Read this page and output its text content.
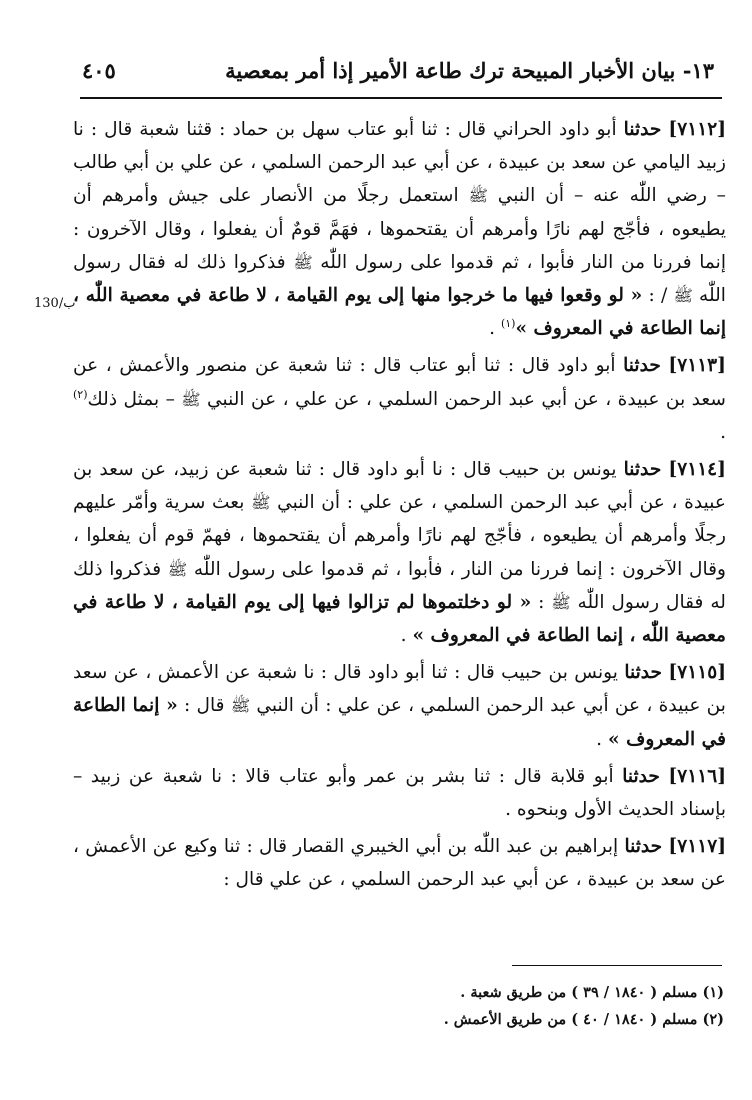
١٣- بيان الأخبار المبيحة ترك طاعة الأمير إذا أمر بمعصية
٤٠٥
130/ب

[٧١١٢] حدثنا أبو داود الحراني قال : ثنا أبو عتاب سهل بن حماد : قثنا شعبة قال : نا زبيد اليامي عن سعد بن عبيدة ، عن أبي عبد الرحمن السلمي ، عن علي بن أبي طالب – رضي اللّٰه عنه – أن النبي ﷺ استعمل رجلًا من الأنصار على جيش وأمرهم أن يطيعوه ، فأجّج لهم نارًا وأمرهم أن يقتحموها ، فهَمَّ قومٌ أن يفعلوا ، وقال الآخرون : إنما فررنا من النار فأبوا ، ثم قدموا على رسول اللّٰه ﷺ فذكروا ذلك له فقال رسول اللّٰه ﷺ / : « لو وقعوا فيها ما خرجوا منها إلى يوم القيامة ، لا طاعة في معصية اللّٰه ، إنما الطاعة في المعروف »$^{(١)}$ .

[٧١١٣] حدثنا أبو داود قال : ثنا أبو عتاب قال : ثنا شعبة عن منصور والأعمش ، عن سعد بن عبيدة ، عن أبي عبد الرحمن السلمي ، عن علي ، عن النبي ﷺ – بمثل ذلك$^{(٢)}$ .

[٧١١٤] حدثنا يونس بن حبيب قال : نا أبو داود قال : ثنا شعبة عن زبيد، عن سعد بن عبيدة ، عن أبي عبد الرحمن السلمي ، عن علي : أن النبي ﷺ بعث سرية وأمّر عليهم رجلًا وأمرهم أن يطيعوه ، فأجّج لهم نارًا وأمرهم أن يقتحموها ، فهمّ قوم أن يفعلوا ، وقال الآخرون : إنما فررنا من النار ، فأبوا ، ثم قدموا على رسول اللّٰه ﷺ فذكروا ذلك له فقال رسول اللّٰه ﷺ : « لو دخلتموها لم تزالوا فيها إلى يوم القيامة ، لا طاعة في معصية اللّٰه ، إنما الطاعة في المعروف » .

[٧١١٥] حدثنا يونس بن حبيب قال : ثنا أبو داود قال : نا شعبة عن الأعمش ، عن سعد بن عبيدة ، عن أبي عبد الرحمن السلمي ، عن علي : أن النبي ﷺ قال : « إنما الطاعة في المعروف » .

[٧١١٦] حدثنا أبو قلابة قال : ثنا بشر بن عمر وأبو عتاب قالا : نا شعبة عن زبيد – بإسناد الحديث الأول وبنحوه .

[٧١١٧] حدثنا إبراهيم بن عبد اللّٰه بن أبي الخيبري القصار قال : ثنا وكيع عن الأعمش ، عن سعد بن عبيدة ، عن أبي عبد الرحمن السلمي ، عن علي قال :

(١) مسلم ( ١٨٤٠ / ٣٩ ) من طريق شعبة .

(٢) مسلم ( ١٨٤٠ / ٤٠ ) من طريق الأعمش .
